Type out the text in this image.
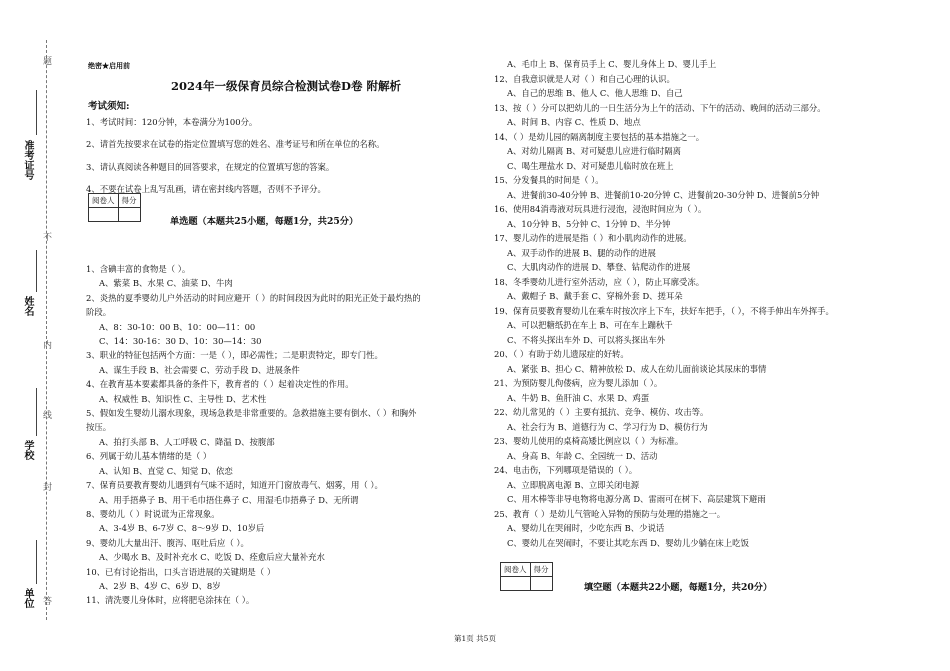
题
不
内
线
封
答
准考证号
姓名
学校
单位
绝密★启用前
2024年一级保育员综合检测试卷D卷 附解析
考试须知:
1、考试时间：120分钟，本卷满分为100分。
2、请首先按要求在试卷的指定位置填写您的姓名、准考证号和所在单位的名称。
3、请认真阅读各种题目的回答要求，在规定的位置填写您的答案。
4、不要在试卷上乱写乱画，请在密封线内答题，否则不予评分。
阅卷人	得分

单选题（本题共25小题，每题1分，共25分）
1、含碘丰富的食物是（ ）。
A、紫菜 B、水果 C、油菜 D、牛肉
2、炎热的夏季婴幼儿户外活动的时间应避开（ ）的时间段因为此时的阳光正处于最灼热的
阶段。
A、8：30-10：00 B、10：00—11：00
C、14：30-16：30 D、10：30—14：30
3、职业的特征包括两个方面：一是（ ），即必需性；二是职责特定，即专门性。
A、谋生手段 B、社会需要 C、劳动手段 D、进展条件
4、在教育基本要素都具备的条件下，教育者的（ ）起着决定性的作用。
A、权威性 B、知识性 C、主导性 D、艺术性
5、假如发生婴幼儿溺水现象，现场急救是非常重要的。急救措施主要有倒水、（ ）和胸外
按压。
A、拍打头部 B、人工呼吸 C、降温 D、按腹部
6、列属于幼儿基本情绪的是（ ）
A、认知 B、直觉 C、知觉 D、依恋
7、保育员要教育婴幼儿遇到有气味不适时，知道开门窗放毒气、烟雾，用（ ）。
A、用手捂鼻子 B、用干毛巾捂住鼻子 C、用湿毛巾捂鼻子 D、无所谓
8、婴幼儿（ ）时说谎为正常现象。
A、3-4岁 B、6-7岁 C、8～9岁 D、10岁后
9、婴幼儿大量出汗、腹泻、呕吐后应（ ）。
A、少喝水 B、及时补充水 C、吃饭 D、痊愈后应大量补充水
10、已有讨论指出，口头言语进展的关键期是（ ）
A、2岁 B、4岁 C、6岁 D、8岁
11、清洗婴儿身体时，应将肥皂涂抹在（ ）。
A、毛巾上 B、保育员手上 C、婴儿身体上 D、婴儿手上
12、自我意识就是人对（ ）和自己心理的认识。
A、自己的思维 B、他人 C、他人思维 D、自己
13、按（ ）分可以把幼儿的一日生活分为上午的活动、下午的活动、晚间的活动三部分。
A、时间 B、内容 C、性质 D、地点
14、（ ）是幼儿园的隔离制度主要包括的基本措施之一。
A、对幼儿隔离 B、对可疑患儿应进行临时隔离
C、喝生理盐水 D、对可疑患儿临时放在班上
15、分发餐具的时间是（ ）。
A、进餐前30-40分钟 B、进餐前10-20分钟 C、进餐前20-30分钟 D、进餐前5分钟
16、使用84消毒液对玩具进行浸泡，浸泡时间应为（ ）。
A、10分钟 B、5分钟 C、1分钟 D、半分钟
17、婴儿动作的进展是指（ ）和小肌肉动作的进展。
A、双手动作的进展 B、腿的动作的进展
C、大肌肉动作的进展 D、攀登、钻爬动作的进展
18、冬季婴幼儿进行室外活动，应（ ），防止耳廓受冻。
A、戴帽子 B、戴手套 C、穿棉外套 D、搓耳朵
19、保育员要教育婴幼儿在乘车时按次序上下车，扶好车把手，（ ），不将手伸出车外挥手。
A、可以把糖纸扔在车上 B、可在车上蹦秋千
C、不将头探出车外 D、可以将头探出车外
20、（ ）有助于幼儿遗尿症的好转。
A、紧张 B、担心 C、精神放松 D、成人在幼儿面前谈论其尿床的事情
21、为预防婴儿佝偻病，应为婴儿添加（ ）。
A、牛奶 B、鱼肝油 C、水果 D、鸡蛋
22、幼儿常见的（ ）主要有抵抗、竞争、模仿、攻击等。
A、社会行为 B、道德行为 C、学习行为 D、模仿行为
23、婴幼儿使用的桌椅高矮比例应以（ ）为标准。
A、身高 B、年龄 C、全园统一 D、活动
24、电击伤，下列哪项是错误的（ ）。
A、立即脱离电源 B、立即关闭电源
C、用木棒等非导电物将电源分离 D、雷雨可在树下、高层建筑下避雨
25、教育（ ）是幼儿气管呛入异物的预防与处理的措施之一。
A、婴幼儿在哭闹时，少吃东西 B、少说话
C、婴幼儿在哭闹时，不要让其吃东西 D、婴幼儿少躺在床上吃饭
阅卷人	得分

填空题（本题共22小题，每题1分，共20分）
第1页 共5页
